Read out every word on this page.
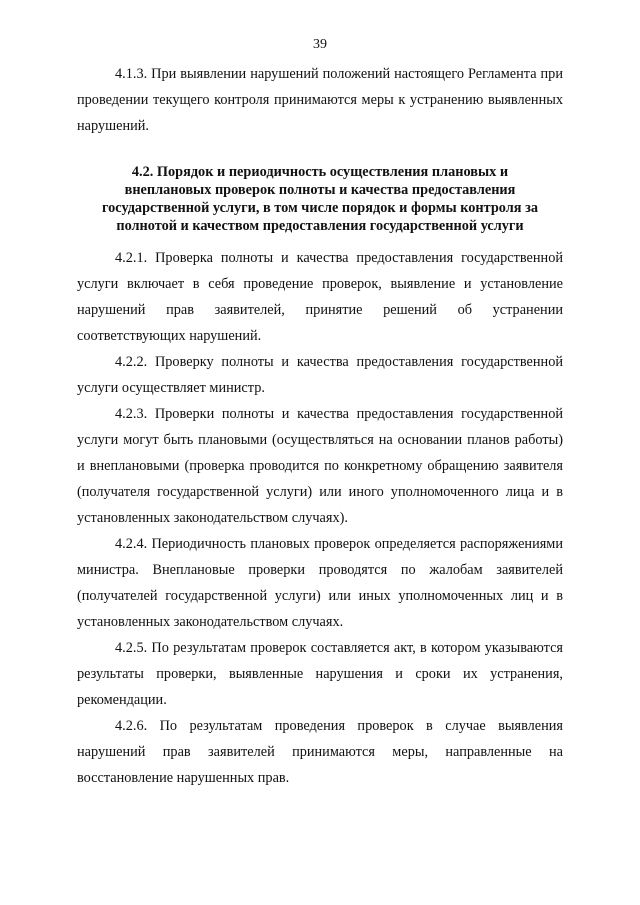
39

4.1.3. При выявлении нарушений положений настоящего Регламента при проведении текущего контроля принимаются меры к устранению выявленных нарушений.

4.2. Порядок и периодичность осуществления плановых и внеплановых проверок полноты и качества предоставления государственной услуги, в том числе порядок и формы контроля за полнотой и качеством предоставления государственной услуги

4.2.1. Проверка полноты и качества предоставления государственной услуги включает в себя проведение проверок, выявление и установление нарушений прав заявителей, принятие решений об устранении соответствующих нарушений.

4.2.2. Проверку полноты и качества предоставления государственной услуги осуществляет министр.

4.2.3. Проверки полноты и качества предоставления государственной услуги могут быть плановыми (осуществляться на основании планов работы) и внеплановыми (проверка проводится по конкретному обращению заявителя (получателя государственной услуги) или иного уполномоченного лица и в установленных законодательством случаях).

4.2.4. Периодичность плановых проверок определяется распоряжениями министра. Внеплановые проверки проводятся по жалобам заявителей (получателей государственной услуги) или иных уполномоченных лиц и в установленных законодательством случаях.

4.2.5. По результатам проверок составляется акт, в котором указываются результаты проверки, выявленные нарушения и сроки их устранения, рекомендации.

4.2.6. По результатам проведения проверок в случае выявления нарушений прав заявителей принимаются меры, направленные на восстановление нарушенных прав.
